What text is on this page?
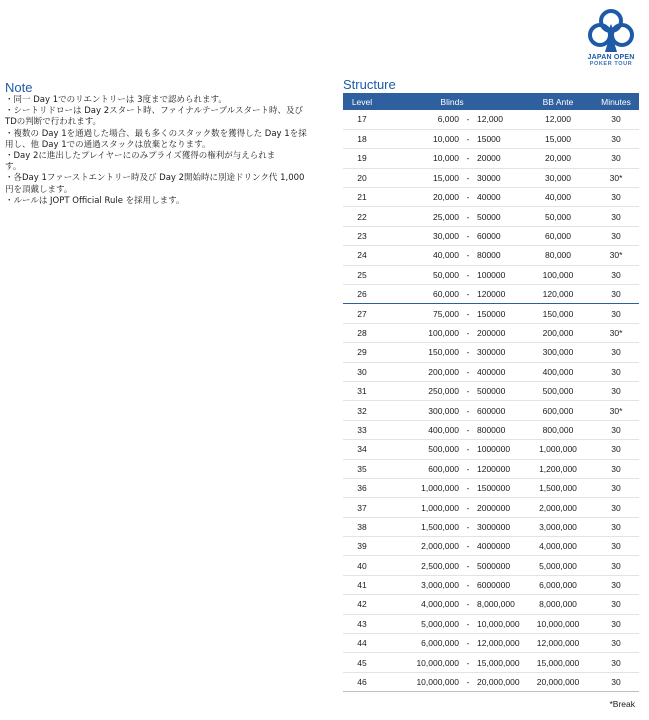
JAPAN OPEN
POKER TOUR
Note
・同一 Day 1でのリエントリーは 3度まで認められます。
・シートリドローは Day 2スタート時、ファイナルテーブルスタート時、及び
TDの判断で行われます。
・複数の Day 1を通過した場合、最も多くのスタック数を獲得した Day 1を採
用し、他 Day 1での通過スタックは放棄となります。
・Day 2に進出したプレイヤーにのみプライズ獲得の権利が与えられま
す。
・各Day 1ファーストエントリー時及び Day 2開始時に別途ドリンク代 1,000
円を頂戴します。
・ルールは JOPT Official Rule を採用します。
Structure
Level	Blinds	BB Ante	Minutes
17	6,000 - 12,000	12,000	30
18	10,000 - 15000	15,000	30
19	10,000 - 20000	20,000	30
20	15,000 - 30000	30,000	30*
21	20,000 - 40000	40,000	30
22	25,000 - 50000	50,000	30
23	30,000 - 60000	60,000	30
24	40,000 - 80000	80,000	30*
25	50,000 - 100000	100,000	30
26	60,000 - 120000	120,000	30
27	75,000 - 150000	150,000	30
28	100,000 - 200000	200,000	30*
29	150,000 - 300000	300,000	30
30	200,000 - 400000	400,000	30
31	250,000 - 500000	500,000	30
32	300,000 - 600000	600,000	30*
33	400,000 - 800000	800,000	30
34	500,000 - 1000000	1,000,000	30
35	600,000 - 1200000	1,200,000	30
36	1,000,000 - 1500000	1,500,000	30
37	1,000,000 - 2000000	2,000,000	30
38	1,500,000 - 3000000	3,000,000	30
39	2,000,000 - 4000000	4,000,000	30
40	2,500,000 - 5000000	5,000,000	30
41	3,000,000 - 6000000	6,000,000	30
42	4,000,000 - 8,000,000	8,000,000	30
43	5,000,000 - 10,000,000	10,000,000	30
44	6,000,000 - 12,000,000	12,000,000	30
45	10,000,000 - 15,000,000	15,000,000	30
46	10,000,000 - 20,000,000	20,000,000	30
*Break
